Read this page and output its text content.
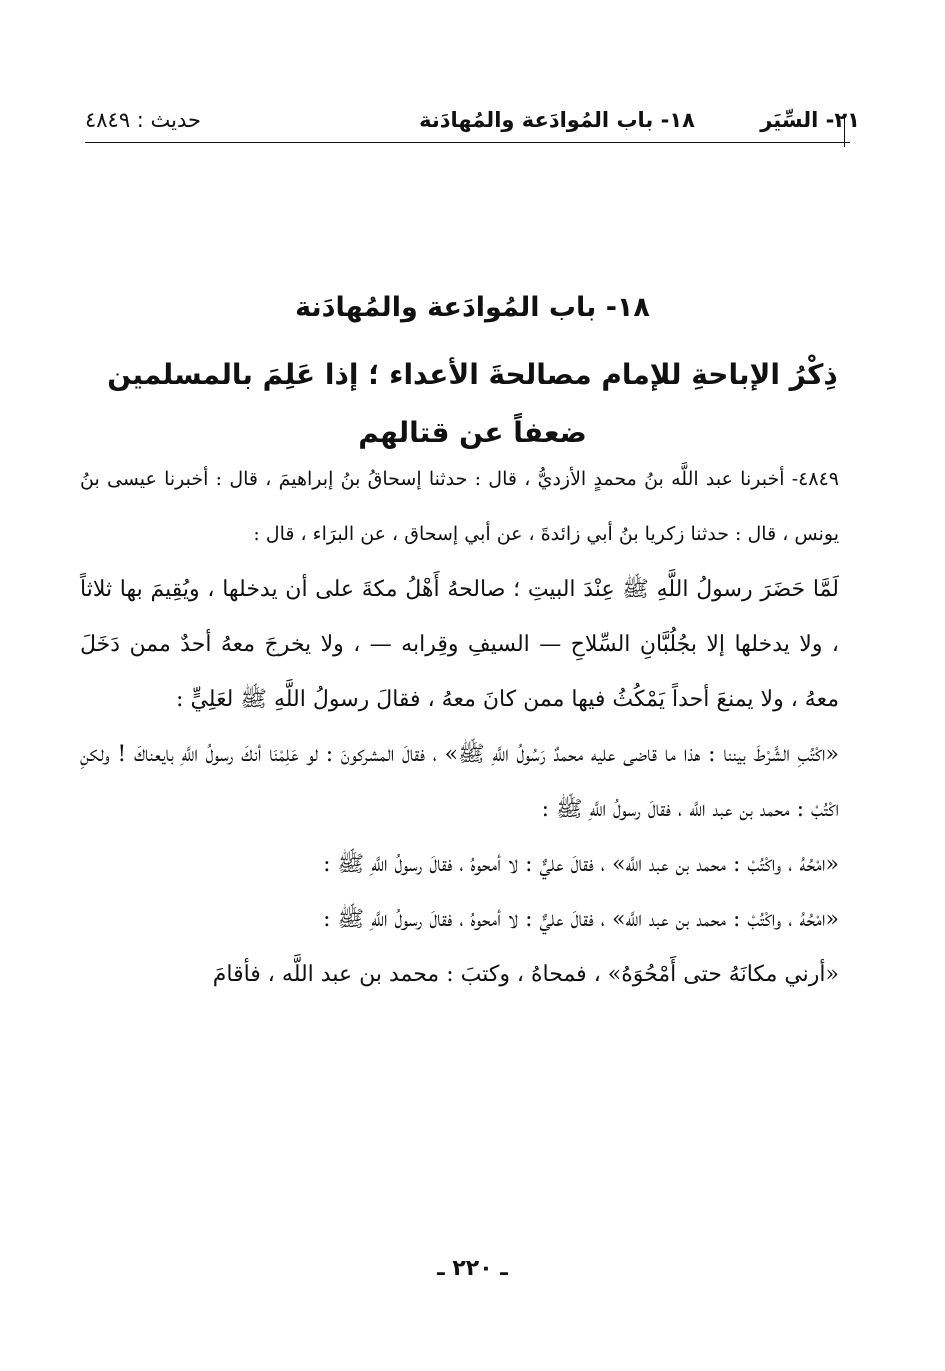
٢١- السِّيَر
١٨- باب المُوادَعة والمُهادَنة
حديث : ٤٨٤٩
١٨- باب المُوادَعة والمُهادَنة
ذِكْرُ الإباحةِ للإمام مصالحةَ الأعداء ؛ إذا عَلِمَ بالمسلمين ضعفاً عن قتالهم

٤٨٤٩- أخبرنا عبد اللَّه بنُ محمدٍ الأزديُّ ، قال : حدثنا إسحاقُ بنُ إبراهيمَ ، قال : أخبرنا عيسى بنُ يونس ، قال : حدثنا زكريا بنُ أبي زائدةَ ، عن أبي إسحاق ، عن البرَاء ، قال :

لَمَّا حَضَرَ رسولُ اللَّهِ ﷺ عِنْدَ البيتِ ؛ صالحهُ أَهْلُ مكةَ على أن يدخلها ، ويُقِيمَ بها ثلاثاً ، ولا يدخلها إلا بجُلُبَّانِ السِّلاحِ — السيفِ وقِرابه — ، ولا يخرجَ معهُ أحدٌ ممن دَخَلَ معهُ ، ولا يمنعَ أحداً يَمْكُثُ فيها ممن كانَ معهُ ، فقالَ رسولُ اللَّهِ ﷺ لعَلِيٍّ :

«اكْتُبِ الشَّرْطَ بيننا : هذا ما قاضى عليه محمدٌ رَسُولُ اللَّهِ ﷺ» ، فقالَ المشركونَ : لو عَلِمْنَا أنكَ رسولُ اللَّهِ بايعناكَ ! ولكنِ اكْتُبْ : محمد بن عبد اللَّه ، فقالَ رسولُ اللَّهِ ﷺ :

«امْحُهُ ، واكْتُبْ : محمد بن عبد اللَّه» ، فقالَ عليٌّ : لا أمحوهُ ، فقالَ رسولُ اللَّهِ ﷺ :

«امْحُهُ ، واكْتُبْ : محمد بن عبد اللَّه» ، فقالَ عليٌّ : لا أمحوهُ ، فقالَ رسولُ اللَّهِ ﷺ :

«أرني مكانَهُ حتى أَمْحُوَهُ» ، فمحاهُ ، وكتبَ : محمد بن عبد اللَّه ، فأقامَ

ـ ٢٢٠ ـ
